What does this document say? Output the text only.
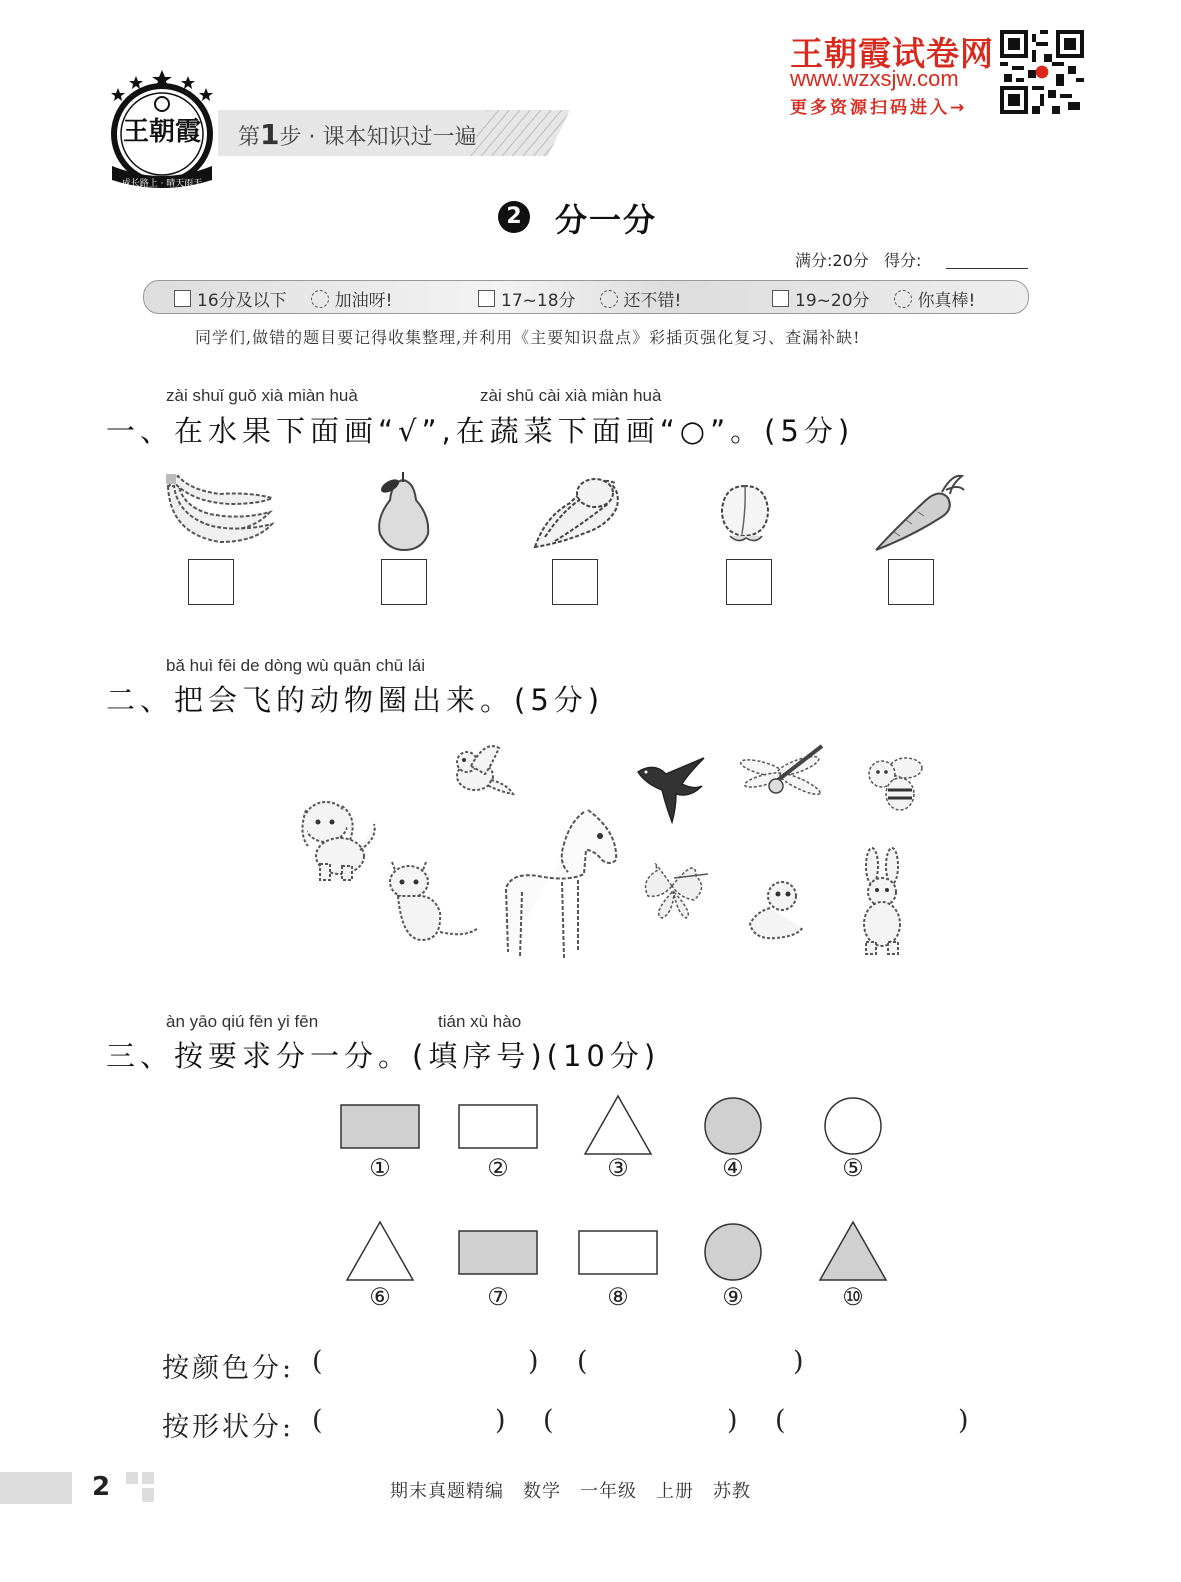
王朝霞试卷网
www.wzxsjw.com
更多资源扫码进入→
成长路上 · 晴天雨天
王朝霞 第1步 · 课本知识过一遍
2 分一分
满分:20分 得分:
16分及以下	加油呀!	17~18分	还不错!	19~20分	你真棒!
同学们,做错的题目要记得收集整理,并利用《主要知识盘点》彩插页强化复习、查漏补缺!
zài shuǐ guǒ xià miàn huà	zài shū cài xià miàn huà
一、在水果下面画“√”,在蔬菜下面画“○”。(5分)
bǎ huì fēi de dòng wù quān chū lái
二、把会飞的动物圈出来。(5分)
àn yāo qiú fēn yi fēn	tián xù hào
三、按要求分一分。(填序号)(10分)
①	②	③	④	⑤
⑥	⑦	⑧	⑨	⑩
按颜色分: (	) (	)
按形状分: (	) (	) (	)
2	期末真题精编　数学　一年级　上册　苏教
